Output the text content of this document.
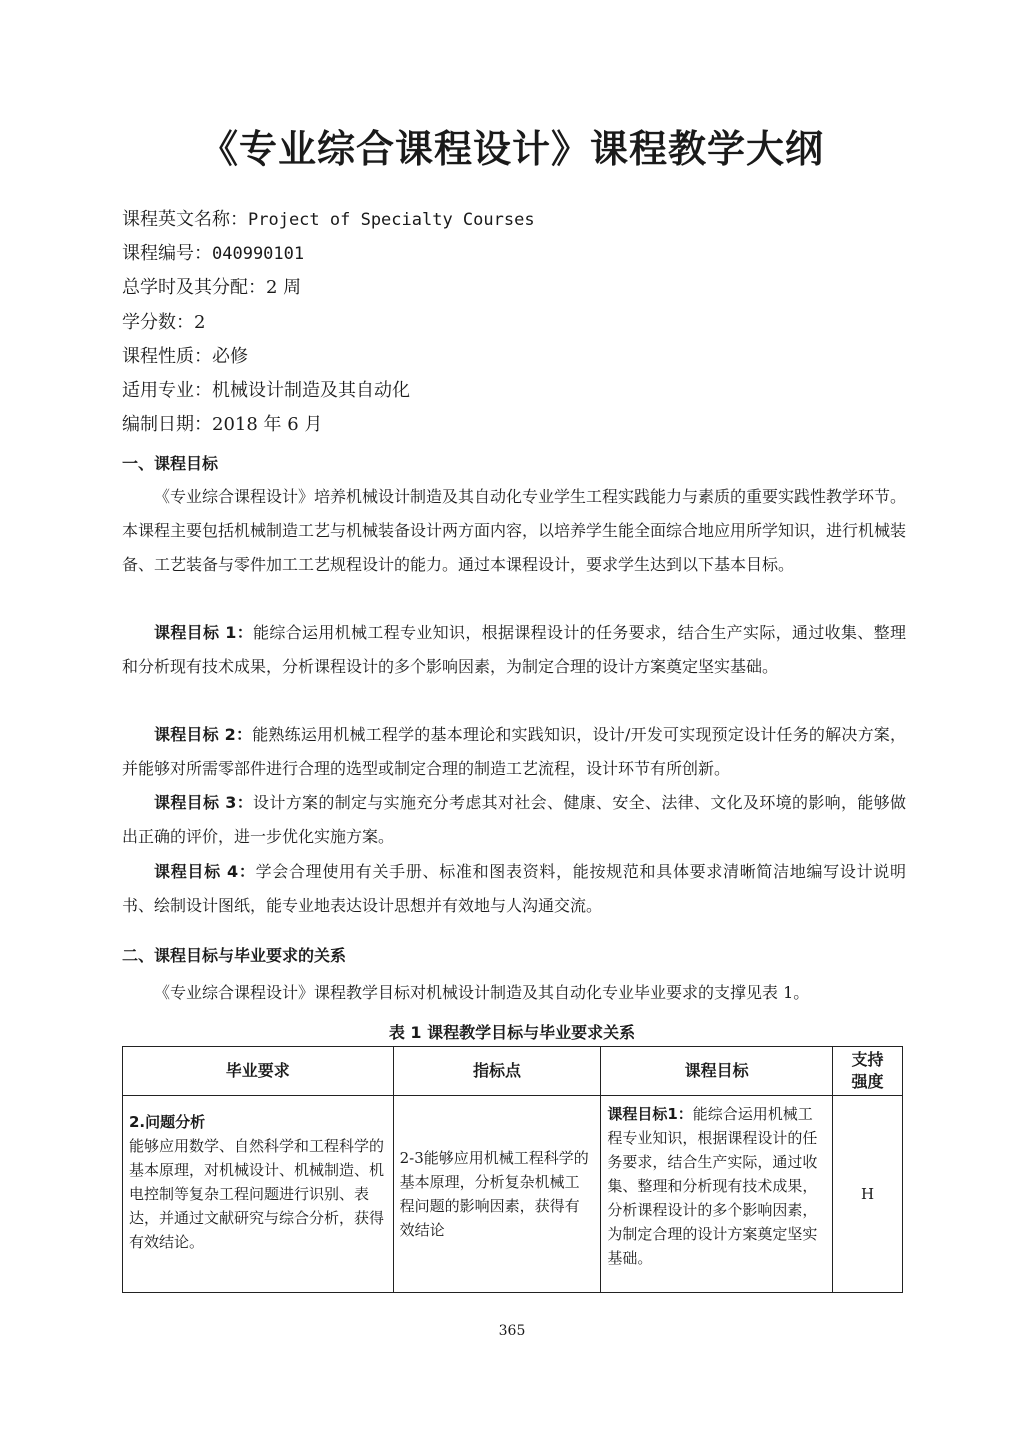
《专业综合课程设计》课程教学大纲
课程英文名称：Project of Specialty Courses
课程编号：040990101
总学时及其分配：2 周
学分数：2
课程性质：必修
适用专业：机械设计制造及其自动化
编制日期：2018 年 6 月
一、课程目标
《专业综合课程设计》培养机械设计制造及其自动化专业学生工程实践能力与素质的重要实践性教学环节。本课程主要包括机械制造工艺与机械装备设计两方面内容，以培养学生能全面综合地应用所学知识，进行机械装备、工艺装备与零件加工工艺规程设计的能力。通过本课程设计，要求学生达到以下基本目标。
课程目标 1：能综合运用机械工程专业知识，根据课程设计的任务要求，结合生产实际，通过收集、整理和分析现有技术成果，分析课程设计的多个影响因素，为制定合理的设计方案奠定坚实基础。
课程目标 2：能熟练运用机械工程学的基本理论和实践知识，设计/开发可实现预定设计任务的解决方案，并能够对所需零部件进行合理的选型或制定合理的制造工艺流程，设计环节有所创新。
课程目标 3：设计方案的制定与实施充分考虑其对社会、健康、安全、法律、文化及环境的影响，能够做出正确的评价，进一步优化实施方案。
课程目标 4：学会合理使用有关手册、标准和图表资料，能按规范和具体要求清晰简洁地编写设计说明书、绘制设计图纸，能专业地表达设计思想并有效地与人沟通交流。
二、课程目标与毕业要求的关系
《专业综合课程设计》课程教学目标对机械设计制造及其自动化专业毕业要求的支撑见表 1。
表 1 课程教学目标与毕业要求关系
毕业要求	指标点	课程目标	支持强度

2.问题分析
能够应用数学、自然科学和工程科学的基本原理，对机械设计、机械制造、机电控制等复杂工程问题进行识别、表达，并通过文献研究与综合分析，获得有效结论。	2-3能够应用机械工程科学的基本原理，分析复杂机械工程问题的影响因素，获得有效结论	课程目标1：能综合运用机械工程专业知识，根据课程设计的任务要求，结合生产实际，通过收集、整理和分析现有技术成果，分析课程设计的多个影响因素，为制定合理的设计方案奠定坚实基础。	H
365
